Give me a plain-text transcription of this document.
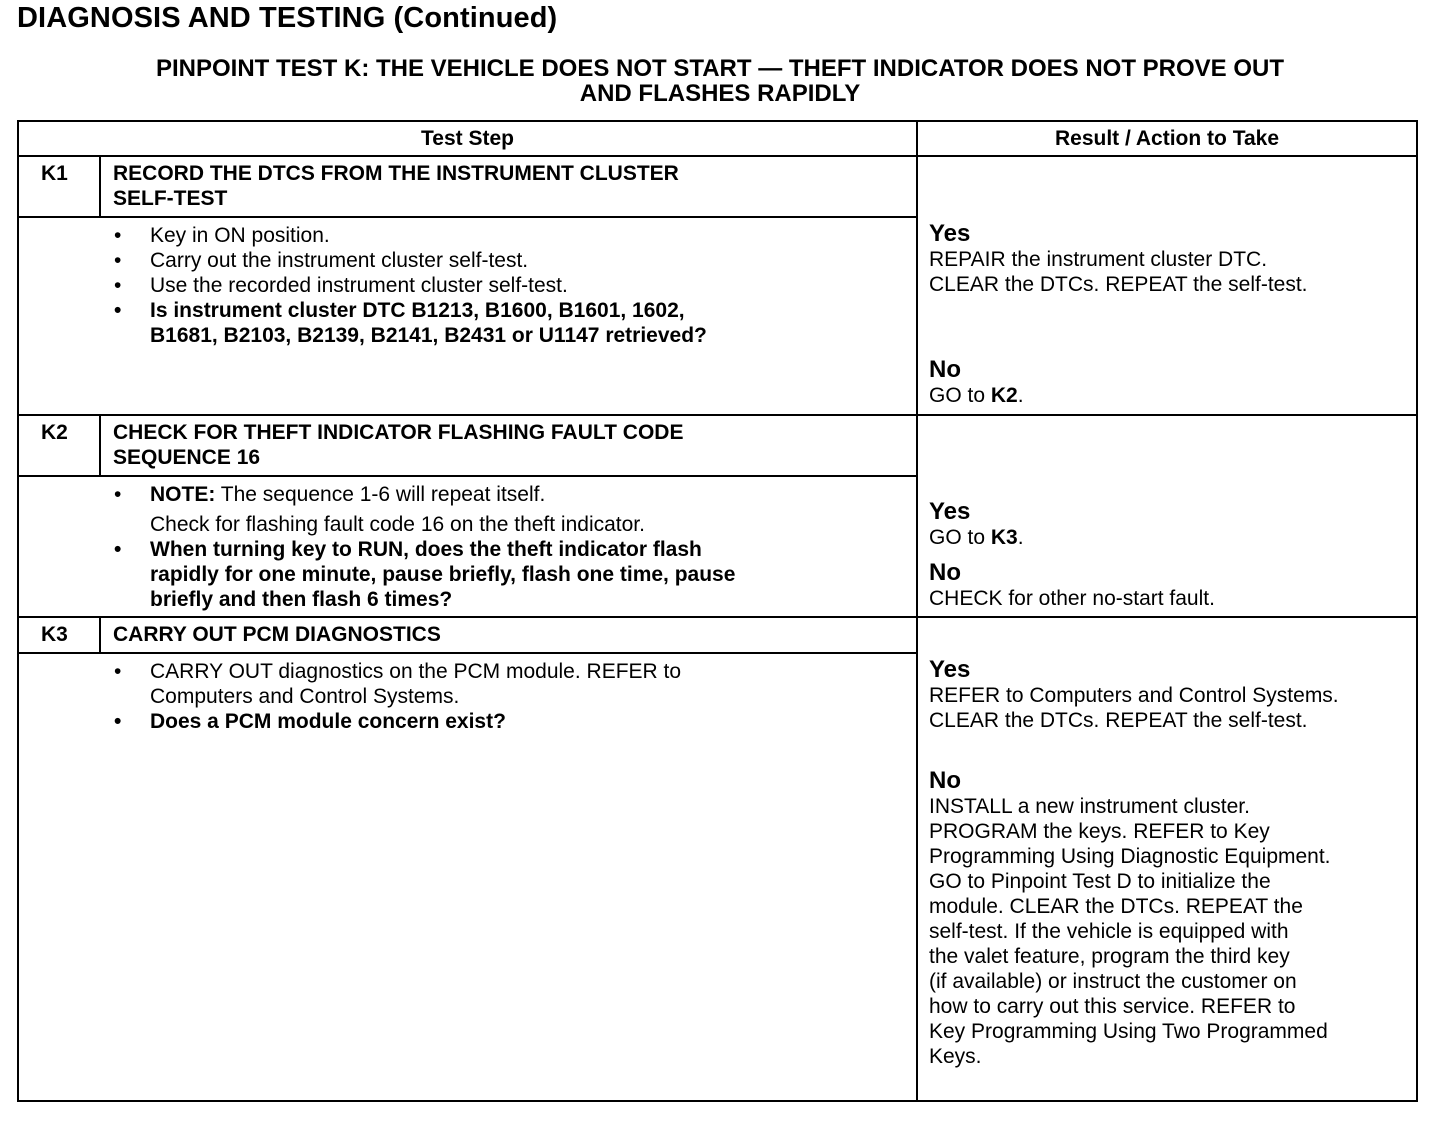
DIAGNOSIS AND TESTING (Continued)
PINPOINT TEST K: THE VEHICLE DOES NOT START — THEFT INDICATOR DOES NOT PROVE OUT
AND FLASHES RAPIDLY
Test Step	Result / Action to Take
K1 RECORD THE DTCS FROM THE INSTRUMENT CLUSTER
SELF-TEST
• Key in ON position.
• Carry out the instrument cluster self-test.
• Use the recorded instrument cluster self-test.
• Is instrument cluster DTC B1213, B1600, B1601, 1602,
B1681, B2103, B2139, B2141, B2431 or U1147 retrieved?
Yes
REPAIR the instrument cluster DTC.
CLEAR the DTCs. REPEAT the self-test.
No
GO to K2.
K2 CHECK FOR THEFT INDICATOR FLASHING FAULT CODE
SEQUENCE 16
• NOTE: The sequence 1-6 will repeat itself.
Check for flashing fault code 16 on the theft indicator.
• When turning key to RUN, does the theft indicator flash
rapidly for one minute, pause briefly, flash one time, pause
briefly and then flash 6 times?
Yes
GO to K3.
No
CHECK for other no-start fault.
K3 CARRY OUT PCM DIAGNOSTICS
• CARRY OUT diagnostics on the PCM module. REFER to
Computers and Control Systems.
• Does a PCM module concern exist?
Yes
REFER to Computers and Control Systems.
CLEAR the DTCs. REPEAT the self-test.
No
INSTALL a new instrument cluster.
PROGRAM the keys. REFER to Key
Programming Using Diagnostic Equipment.
GO to Pinpoint Test D to initialize the
module. CLEAR the DTCs. REPEAT the
self-test. If the vehicle is equipped with
the valet feature, program the third key
(if available) or instruct the customer on
how to carry out this service. REFER to
Key Programming Using Two Programmed
Keys.
